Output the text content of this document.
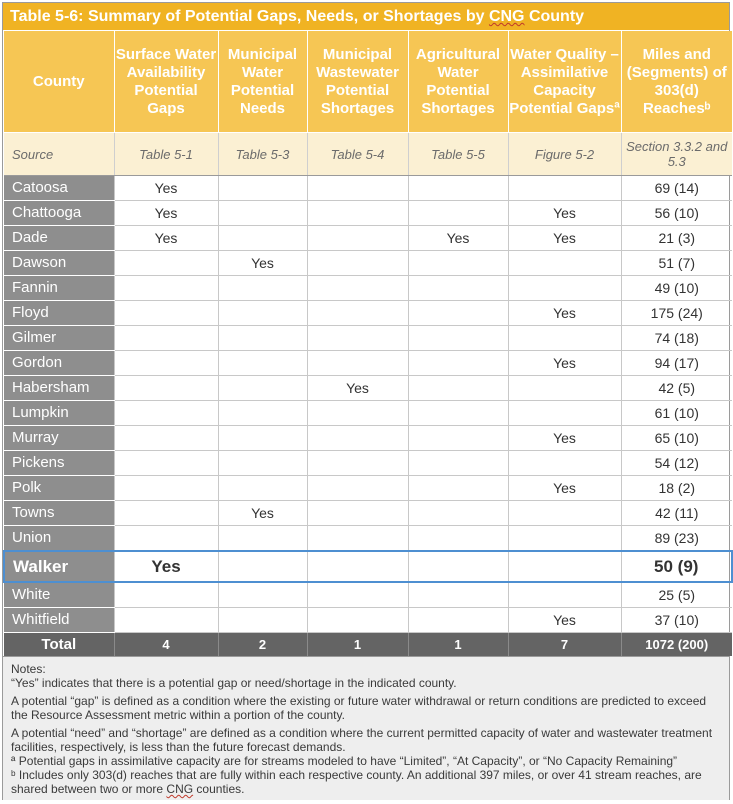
Table 5-6: Summary of Potential Gaps, Needs, or Shortages by CNG County
County	Surface Water Availability Potential Gaps	Municipal Water Potential Needs	Municipal Wastewater Potential Shortages	Agricultural Water Potential Shortages	Water Quality – Assimilative Capacity Potential Gapsª	Miles and (Segments) of 303(d) Reachesᵇ
Source	Table 5-1	Table 5-3	Table 5-4	Table 5-5	Figure 5-2	Section 3.3.2 and 5.3
Catoosa	Yes					69 (14)
Chattooga	Yes				Yes	56 (10)
Dade	Yes			Yes	Yes	21 (3)
Dawson		Yes				51 (7)
Fannin						49 (10)
Floyd					Yes	175 (24)
Gilmer						74 (18)
Gordon					Yes	94 (17)
Habersham			Yes			42 (5)
Lumpkin						61 (10)
Murray					Yes	65 (10)
Pickens						54 (12)
Polk					Yes	18 (2)
Towns		Yes				42 (11)
Union						89 (23)
Walker	Yes					50 (9)
White						25 (5)
Whitfield					Yes	37 (10)
Total	4	2	1	1	7	1072 (200)

Notes:

“Yes” indicates that there is a potential gap or need/shortage in the indicated county.

A potential “gap” is defined as a condition where the existing or future water withdrawal or return conditions are predicted to exceed the Resource Assessment metric within a portion of the county.

A potential “need” and “shortage” are defined as a condition where the current permitted capacity of water and wastewater treatment facilities, respectively, is less than the future forecast demands.

ª Potential gaps in assimilative capacity are for streams modeled to have “Limited”, “At Capacity”, or “No Capacity Remaining”

ᵇ Includes only 303(d) reaches that are fully within each respective county. An additional 397 miles, or over 41 stream reaches, are shared between two or more CNG counties.
